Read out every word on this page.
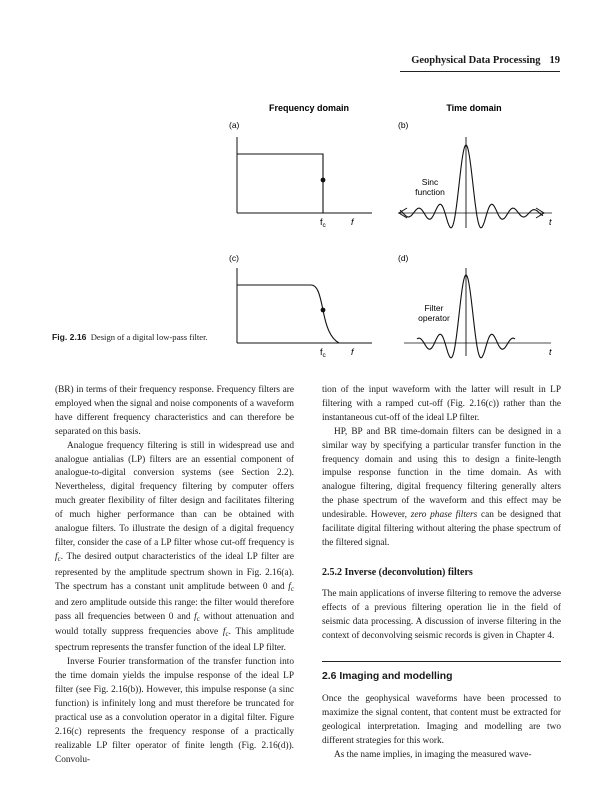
Geophysical Data Processing 19
Frequency domain	Time domain
(a)
$f_c$	f
(b)
Sinc
function
t
(c)
$f_c$	f
(d)
Filter
operator
t
Fig. 2.16 Design of a digital low-pass filter.

(BR) in terms of their frequency response. Frequency filters are employed when the signal and noise components of a waveform have different frequency characteristics and can therefore be separated on this basis.

Analogue frequency filtering is still in widespread use and analogue antialias (LP) filters are an essential component of analogue-to-digital conversion systems (see Section 2.2). Nevertheless, digital frequency filtering by computer offers much greater flexibility of filter design and facilitates filtering of much higher performance than can be obtained with analogue filters. To illustrate the design of a digital frequency filter, consider the case of a LP filter whose cut-off frequency is $f_c$. The desired output characteristics of the ideal LP filter are represented by the amplitude spectrum shown in Fig. 2.16(a). The spectrum has a constant unit amplitude between 0 and $f_c$ and zero amplitude outside this range: the filter would therefore pass all frequencies between 0 and $f_c$ without attenuation and would totally suppress frequencies above $f_c$. This amplitude spectrum represents the transfer function of the ideal LP filter.

Inverse Fourier transformation of the transfer function into the time domain yields the impulse response of the ideal LP filter (see Fig. 2.16(b)). However, this impulse response (a sinc function) is infinitely long and must therefore be truncated for practical use as a convolution operator in a digital filter. Figure 2.16(c) represents the frequency response of a practically realizable LP filter operator of finite length (Fig. 2.16(d)). Convolu-

tion of the input waveform with the latter will result in LP filtering with a ramped cut-off (Fig. 2.16(c)) rather than the instantaneous cut-off of the ideal LP filter.

HP, BP and BR time-domain filters can be designed in a similar way by specifying a particular transfer function in the frequency domain and using this to design a finite-length impulse response function in the time domain. As with analogue filtering, digital frequency filtering generally alters the phase spectrum of the waveform and this effect may be undesirable. However, zero phase filters can be designed that facilitate digital filtering without altering the phase spectrum of the filtered signal.

2.5.2 Inverse (deconvolution) filters

The main applications of inverse filtering to remove the adverse effects of a previous filtering operation lie in the field of seismic data processing. A discussion of inverse filtering in the context of deconvolving seismic records is given in Chapter 4.

2.6 Imaging and modelling

Once the geophysical waveforms have been processed to maximize the signal content, that content must be extracted for geological interpretation. Imaging and modelling are two different strategies for this work.

As the name implies, in imaging the measured wave-
